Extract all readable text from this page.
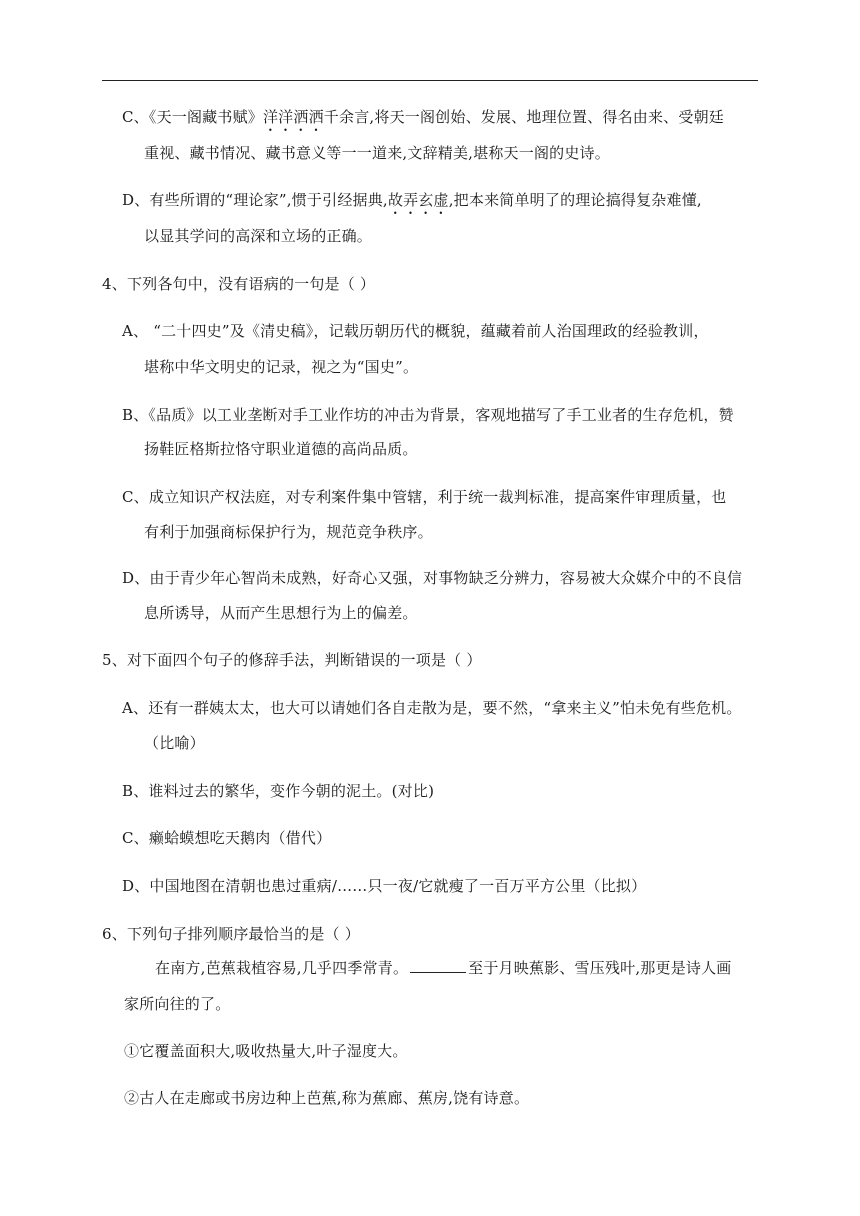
C、《天一阁藏书赋》洋洋洒洒千余言,将天一阁创始、发展、地理位置、得名由来、受朝廷
重视、藏书情况、藏书意义等一一道来,文辞精美,堪称天一阁的史诗。
D、有些所谓的“理论家”,惯于引经据典,故弄玄虚,把本来简单明了的理论搞得复杂难懂,
以显其学问的高深和立场的正确。
4、下列各句中，没有语病的一句是（ ）
A、 “二十四史”及《清史稿》，记载历朝历代的概貌，蕴藏着前人治国理政的经验教训，
堪称中华文明史的记录，视之为“国史”。
B、《品质》以工业垄断对手工业作坊的冲击为背景，客观地描写了手工业者的生存危机，赞
扬鞋匠格斯拉恪守职业道德的高尚品质。
C、成立知识产权法庭，对专利案件集中管辖，利于统一裁判标准，提高案件审理质量，也
有利于加强商标保护行为，规范竞争秩序。
D、由于青少年心智尚未成熟，好奇心又强，对事物缺乏分辨力，容易被大众媒介中的不良信
息所诱导，从而产生思想行为上的偏差。
5、对下面四个句子的修辞手法，判断错误的一项是（ ）
A、还有一群姨太太，也大可以请她们各自走散为是，要不然，“拿来主义”怕未免有些危机。
（比喻）
B、谁料过去的繁华，变作今朝的泥土。(对比)
C、癞蛤蟆想吃天鹅肉（借代）
D、中国地图在清朝也患过重病/……只一夜/它就瘦了一百万平方公里（比拟）
6、下列句子排列顺序最恰当的是（ ）
在南方,芭蕉栽植容易,几乎四季常青。	至于月映蕉影、雪压残叶,那更是诗人画
家所向往的了。
①它覆盖面积大,吸收热量大,叶子湿度大。
②古人在走廊或书房边种上芭蕉,称为蕉廊、蕉房,饶有诗意。
